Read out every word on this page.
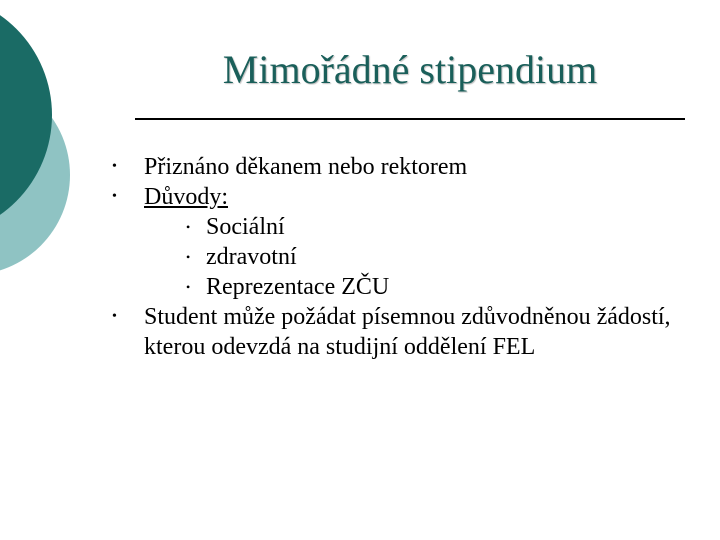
Mimořádné stipendium
• Přiznáno děkanem nebo rektorem
• Důvody:
• Sociální
• zdravotní
• Reprezentace ZČU
• Student může požádat písemnou zdůvodněnou žádostí, kterou odevzdá na studijní oddělení FEL
